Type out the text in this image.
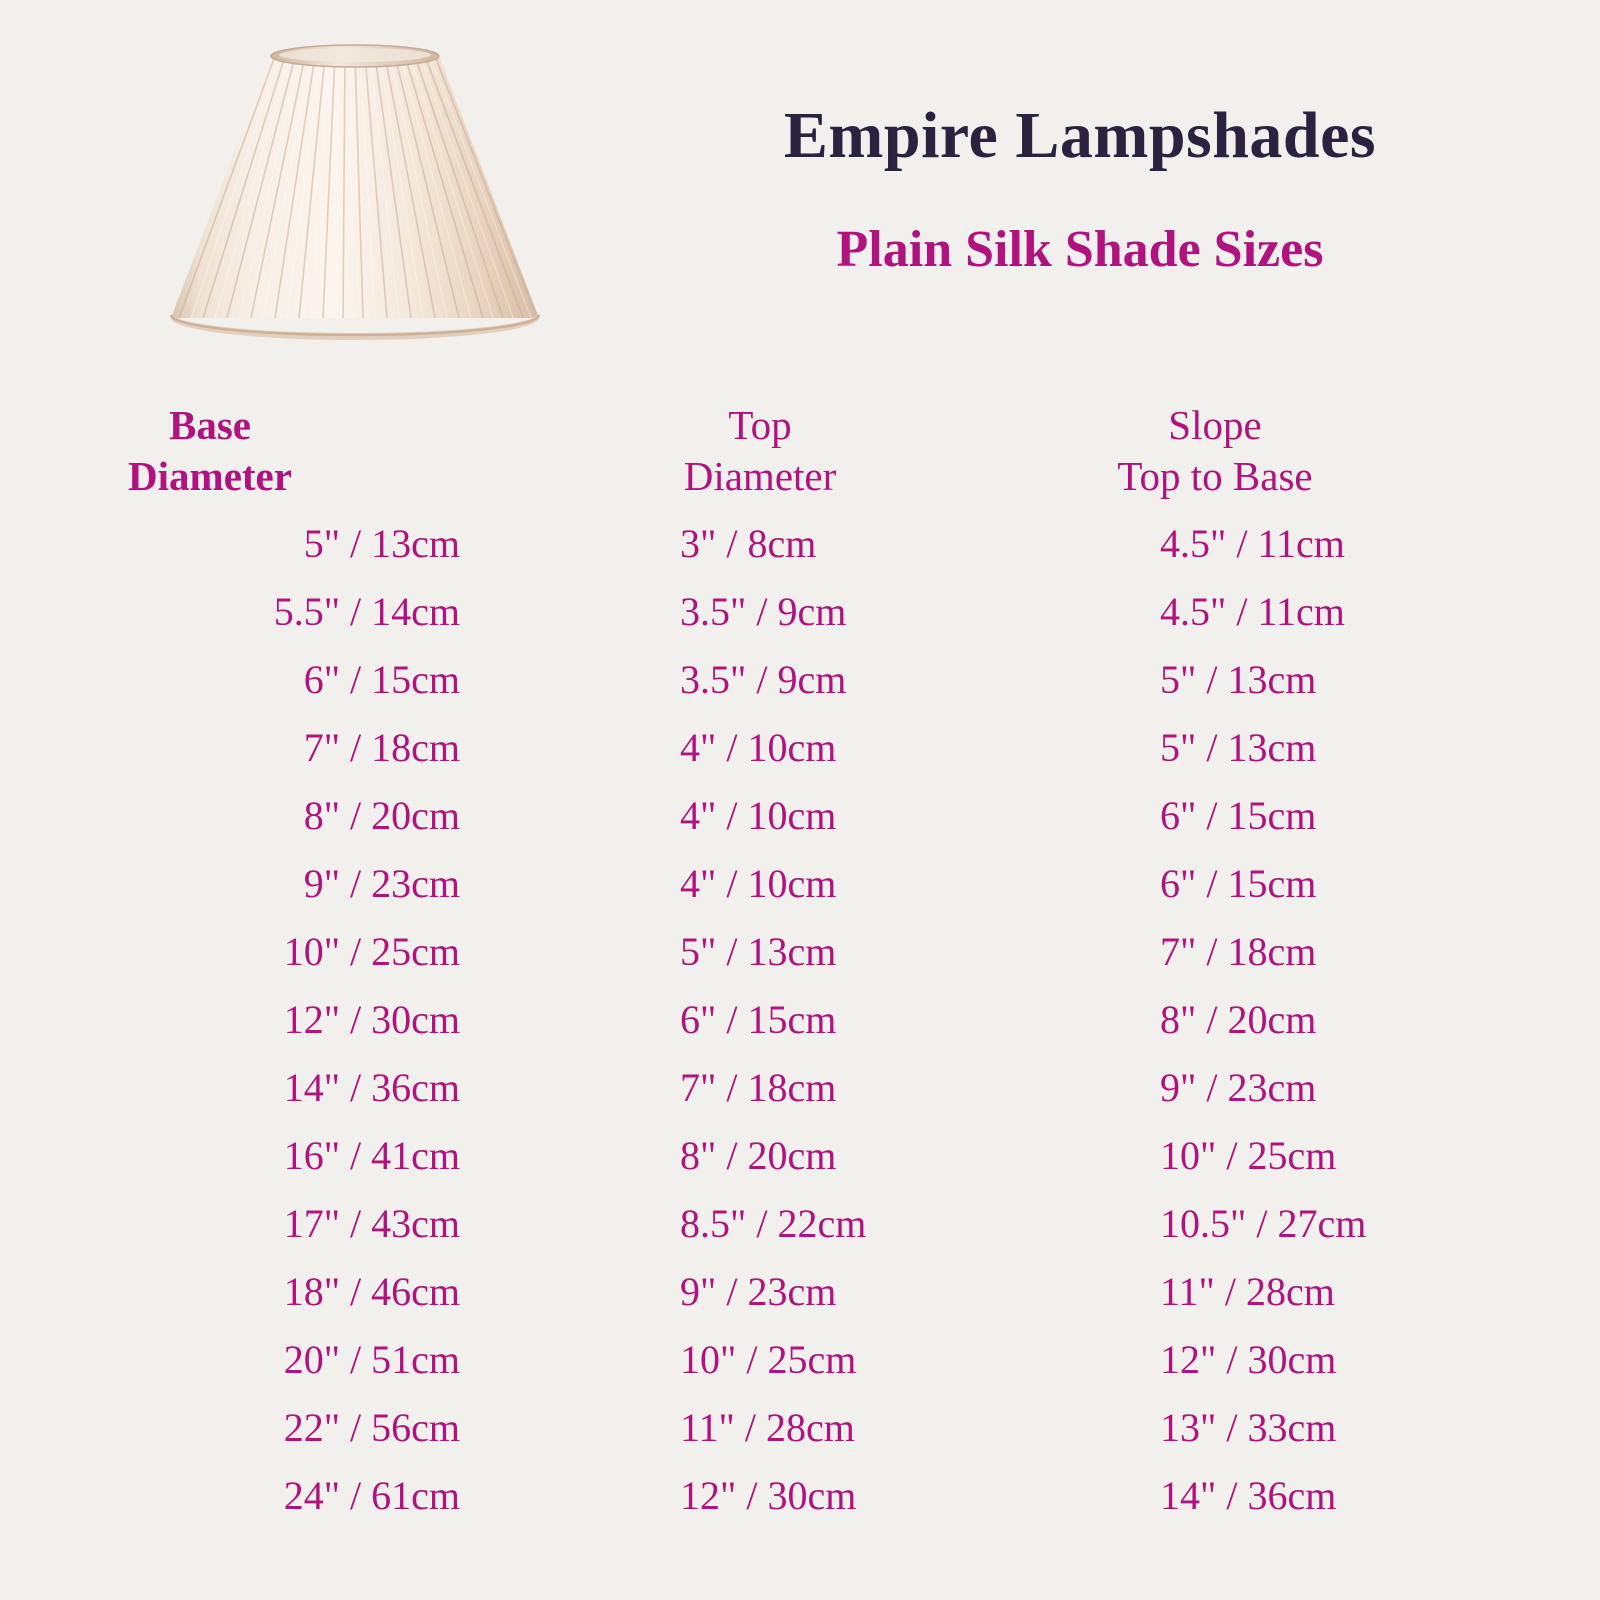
Empire Lampshades
Plain Silk Shade Sizes
Base
Diameter
Top
Diameter
Slope
Top to Base
5" / 13cm	3" / 8cm	4.5" / 11cm
5.5" / 14cm	3.5" / 9cm	4.5" / 11cm
6" / 15cm	3.5" / 9cm	5" / 13cm
7" / 18cm	4" / 10cm	5" / 13cm
8" / 20cm	4" / 10cm	6" / 15cm
9" / 23cm	4" / 10cm	6" / 15cm
10" / 25cm	5" / 13cm	7" / 18cm
12" / 30cm	6" / 15cm	8" / 20cm
14" / 36cm	7" / 18cm	9" / 23cm
16" / 41cm	8" / 20cm	10" / 25cm
17" / 43cm	8.5" / 22cm	10.5" / 27cm
18" / 46cm	9" / 23cm	11" / 28cm
20" / 51cm	10" / 25cm	12" / 30cm
22" / 56cm	11" / 28cm	13" / 33cm
24" / 61cm	12" / 30cm	14" / 36cm
